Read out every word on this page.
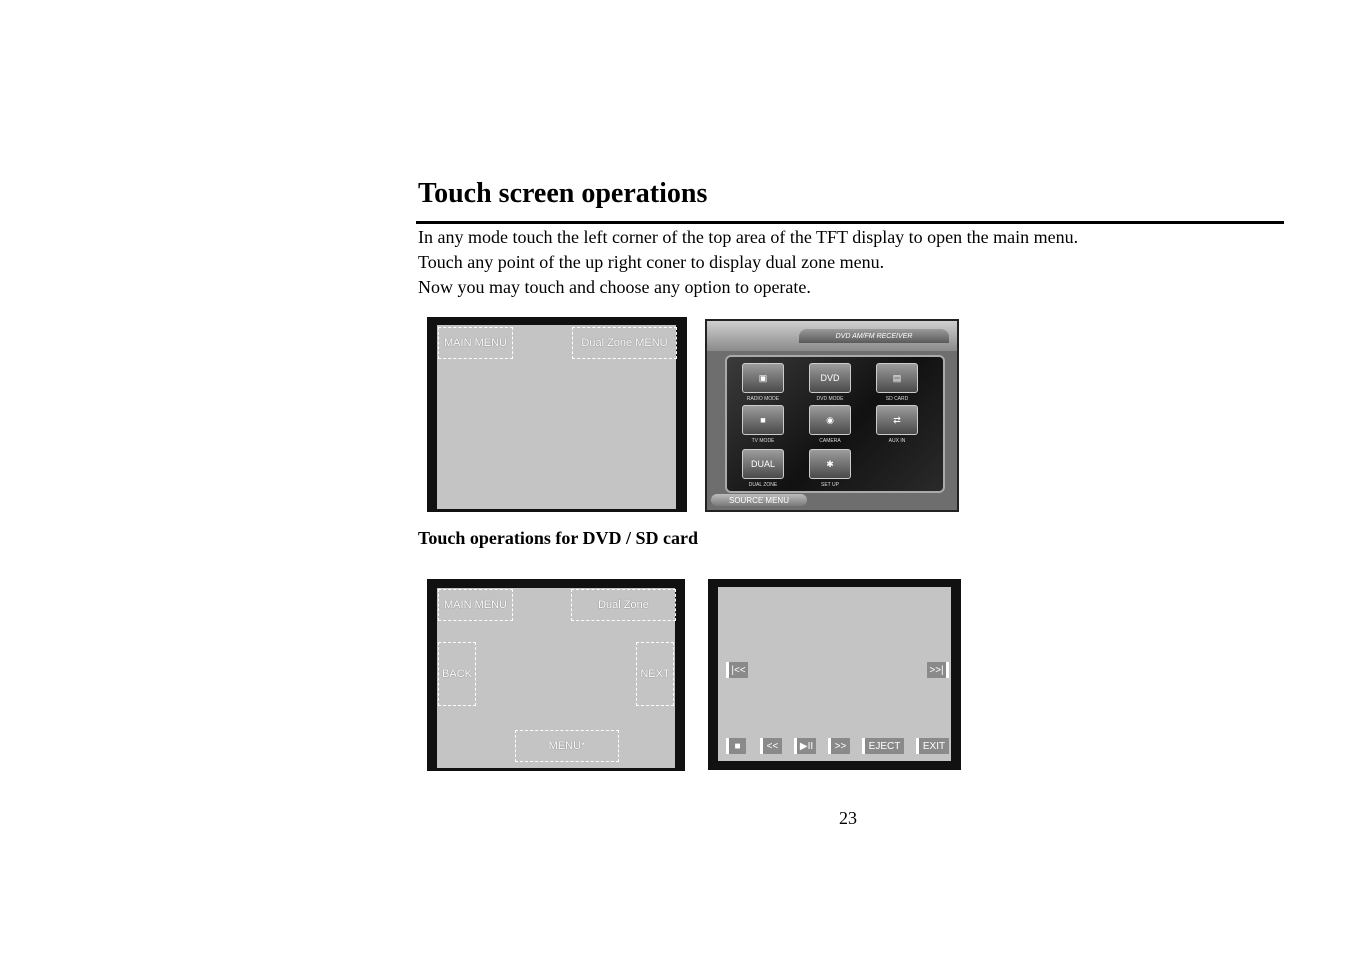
Touch screen operations

In any mode touch the left corner of the top area of the TFT display to open the main menu.

Touch any point of the up right coner to display dual zone menu.

Now you may touch and choose any option to operate.

MAIN MENU	Dual Zone MENU
DVD AM/FM RECEIVER
▣
RADIO MODE
DVD
DVD MODE
▤
SD CARD
■
TV MODE
◉
CAMERA
⇄
AUX IN
DUAL
DUAL ZONE
✱
SET UP
SOURCE MENU
Touch operations for DVD / SD card
MAIN MENU	Dual Zone
BACK	NEXT
MENU*
|<<	>>|
■	<<	▶II	>>	EJECT	EXIT

23
